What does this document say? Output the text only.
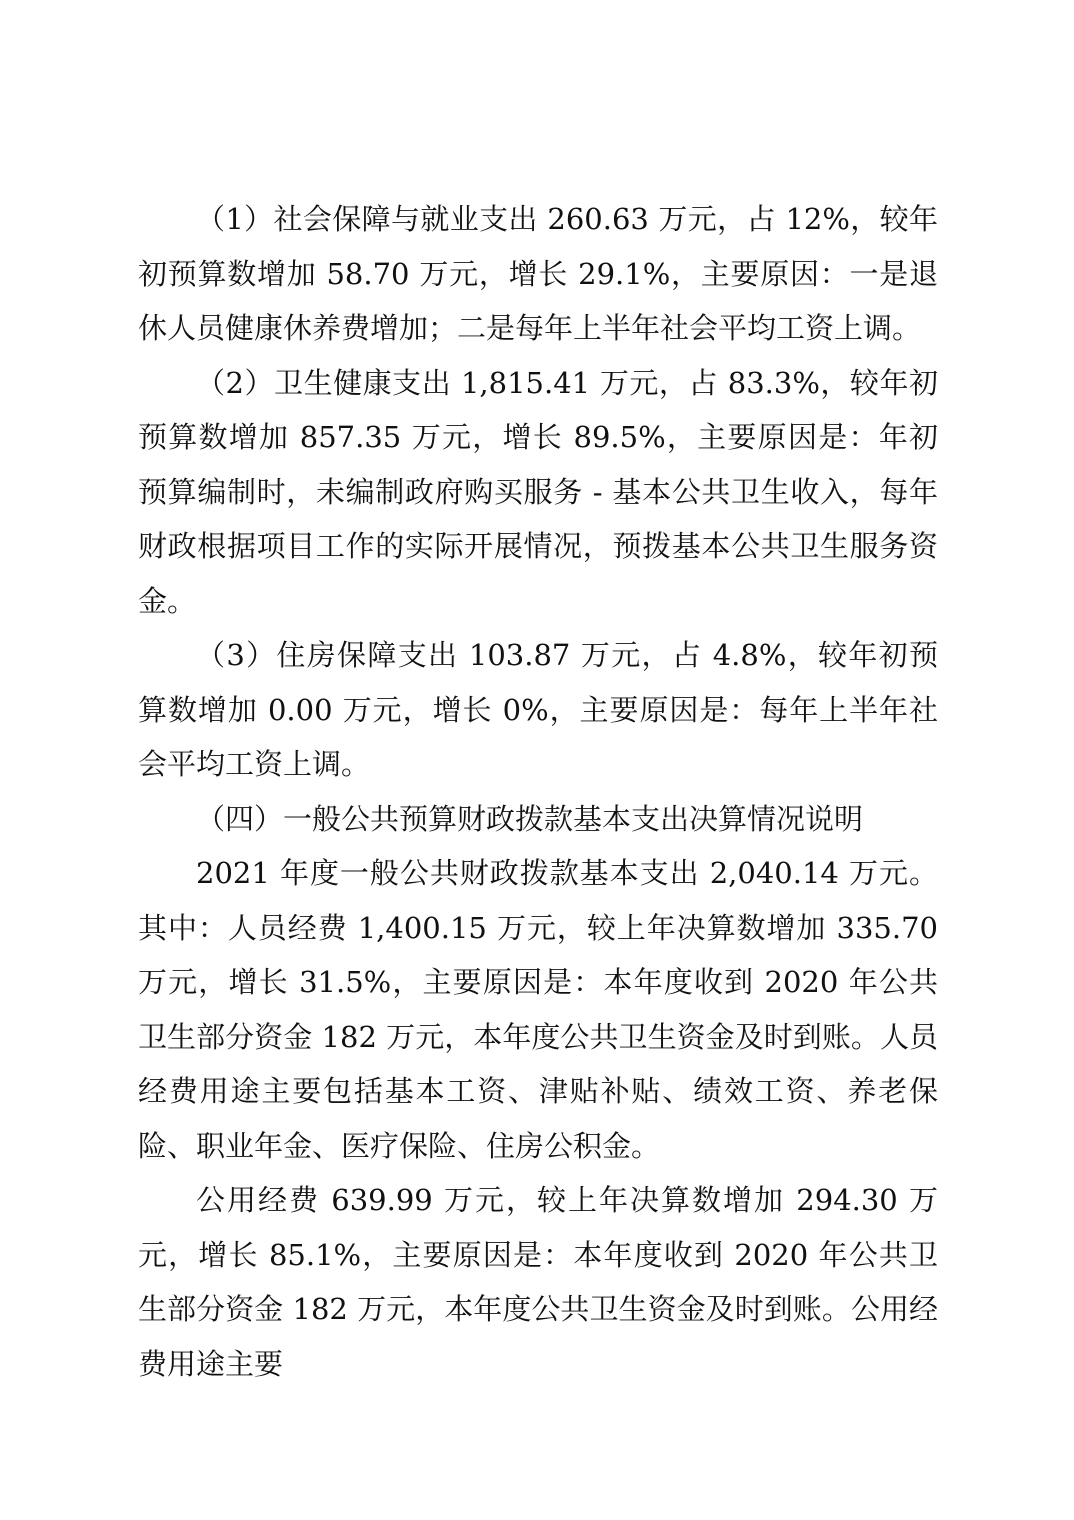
（1）社会保障与就业支出 260.63 万元，占 12%，较年初预算数增加 58.70 万元，增长 29.1%，主要原因：一是退休人员健康休养费增加；二是每年上半年社会平均工资上调。

（2）卫生健康支出 1,815.41 万元，占 83.3%，较年初预算数增加 857.35 万元，增长 89.5%，主要原因是：年初预算编制时，未编制政府购买服务 - 基本公共卫生收入，每年财政根据项目工作的实际开展情况，预拨基本公共卫生服务资金。

（3）住房保障支出 103.87 万元，占 4.8%，较年初预算数增加 0.00 万元，增长 0%，主要原因是：每年上半年社会平均工资上调。

（四）一般公共预算财政拨款基本支出决算情况说明

2021 年度一般公共财政拨款基本支出 2,040.14 万元。其中：人员经费 1,400.15 万元，较上年决算数增加 335.70 万元，增长 31.5%，主要原因是：本年度收到 2020 年公共卫生部分资金 182 万元，本年度公共卫生资金及时到账。人员经费用途主要包括基本工资、津贴补贴、绩效工资、养老保险、职业年金、医疗保险、住房公积金。

公用经费 639.99 万元，较上年决算数增加 294.30 万元，增长 85.1%，主要原因是：本年度收到 2020 年公共卫生部分资金 182 万元，本年度公共卫生资金及时到账。公用经费用途主要
